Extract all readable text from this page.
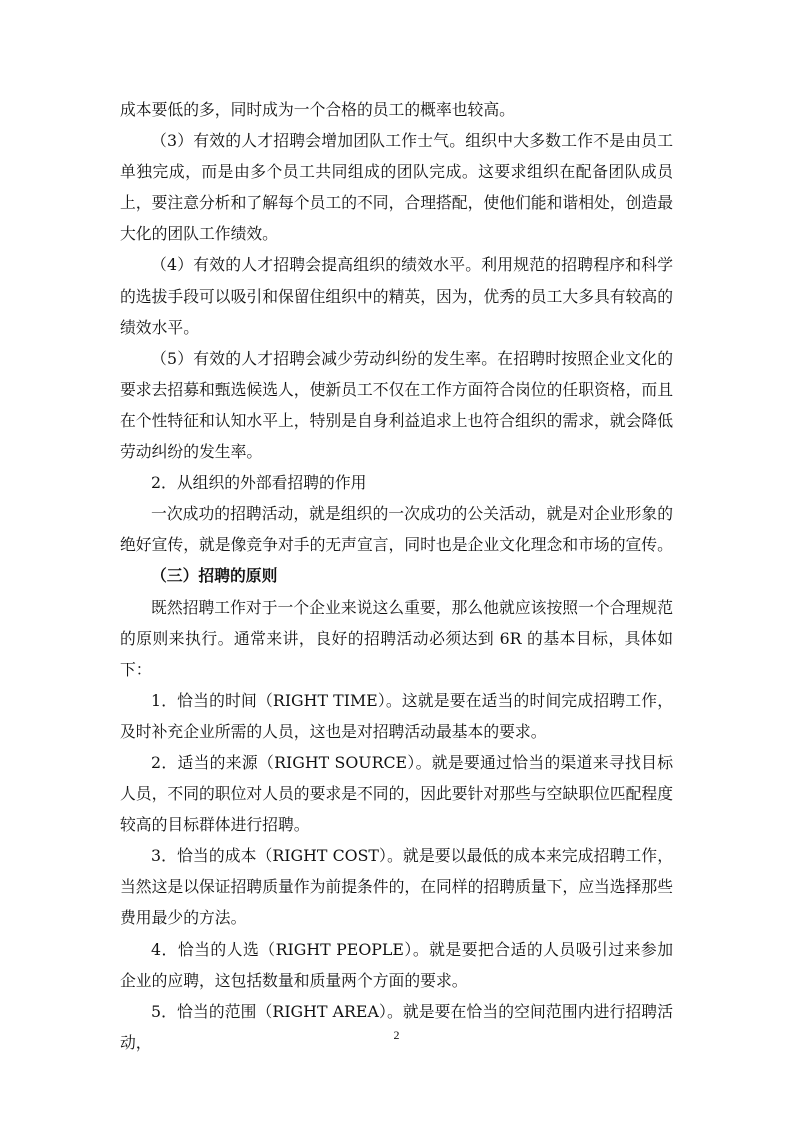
成本要低的多，同时成为一个合格的员工的概率也较高。

（3）有效的人才招聘会增加团队工作士气。组织中大多数工作不是由员工单独完成，而是由多个员工共同组成的团队完成。这要求组织在配备团队成员上，要注意分析和了解每个员工的不同，合理搭配，使他们能和谐相处，创造最大化的团队工作绩效。

（4）有效的人才招聘会提高组织的绩效水平。利用规范的招聘程序和科学的选拔手段可以吸引和保留住组织中的精英，因为，优秀的员工大多具有较高的绩效水平。

（5）有效的人才招聘会减少劳动纠纷的发生率。在招聘时按照企业文化的要求去招募和甄选候选人，使新员工不仅在工作方面符合岗位的任职资格，而且在个性特征和认知水平上，特别是自身利益追求上也符合组织的需求，就会降低劳动纠纷的发生率。

2．从组织的外部看招聘的作用

一次成功的招聘活动，就是组织的一次成功的公关活动，就是对企业形象的绝好宣传，就是像竞争对手的无声宣言，同时也是企业文化理念和市场的宣传。

（三）招聘的原则

既然招聘工作对于一个企业来说这么重要，那么他就应该按照一个合理规范的原则来执行。通常来讲，良好的招聘活动必须达到 6R 的基本目标，具体如下：

1．恰当的时间（RIGHT TIME）。这就是要在适当的时间完成招聘工作，及时补充企业所需的人员，这也是对招聘活动最基本的要求。

2．适当的来源（RIGHT SOURCE）。就是要通过恰当的渠道来寻找目标人员，不同的职位对人员的要求是不同的，因此要针对那些与空缺职位匹配程度较高的目标群体进行招聘。

3．恰当的成本（RIGHT COST）。就是要以最低的成本来完成招聘工作，当然这是以保证招聘质量作为前提条件的，在同样的招聘质量下，应当选择那些费用最少的方法。

4．恰当的人选（RIGHT PEOPLE）。就是要把合适的人员吸引过来参加企业的应聘，这包括数量和质量两个方面的要求。

5．恰当的范围（RIGHT AREA）。就是要在恰当的空间范围内进行招聘活动，	2
